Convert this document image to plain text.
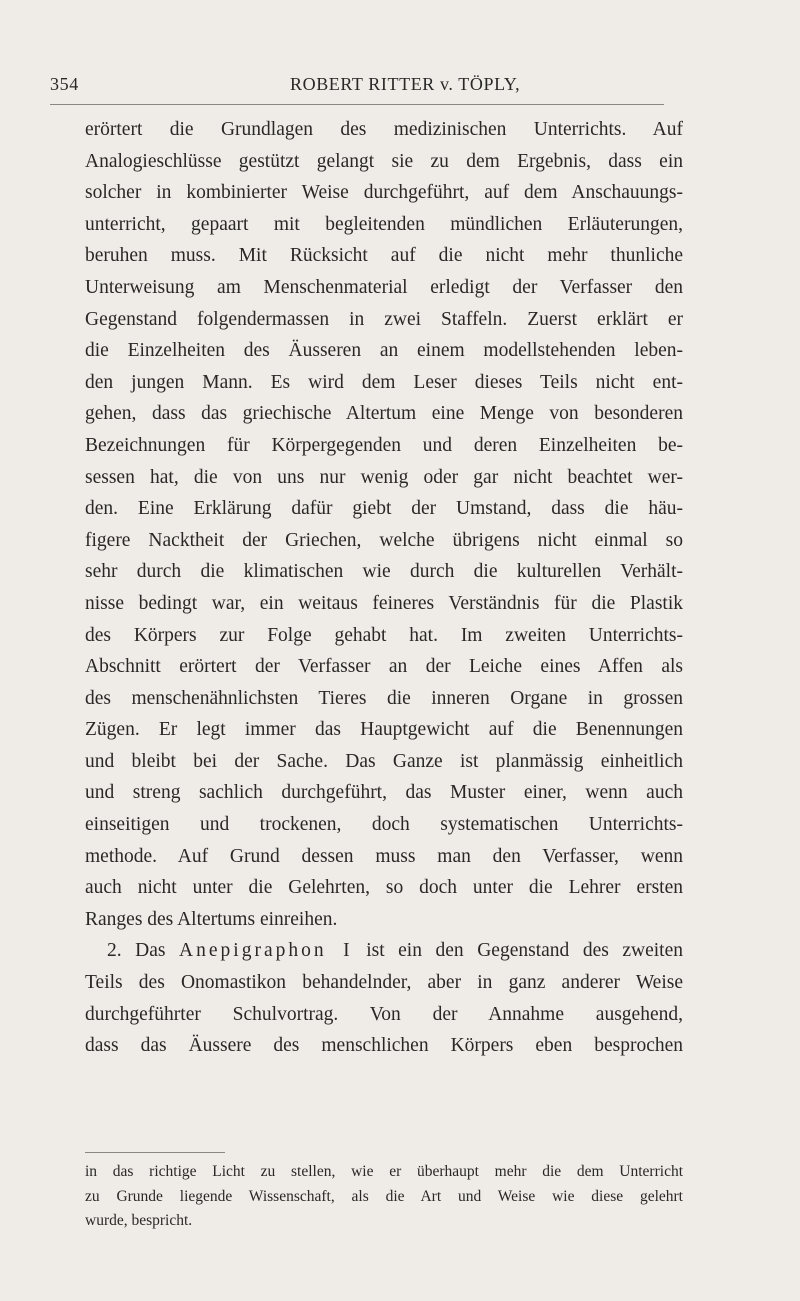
354	ROBERT RITTER v. TÖPLY,
erörtert die Grundlagen des medizinischen Unterrichts. Auf
Analogieschlüsse gestützt gelangt sie zu dem Ergebnis, dass ein
solcher in kombinierter Weise durchgeführt, auf dem Anschauungs-
unterricht, gepaart mit begleitenden mündlichen Erläuterungen,
beruhen muss. Mit Rücksicht auf die nicht mehr thunliche
Unterweisung am Menschenmaterial erledigt der Verfasser den
Gegenstand folgendermassen in zwei Staffeln. Zuerst erklärt er
die Einzelheiten des Äusseren an einem modellstehenden leben-
den jungen Mann. Es wird dem Leser dieses Teils nicht ent-
gehen, dass das griechische Altertum eine Menge von besonderen
Bezeichnungen für Körpergegenden und deren Einzelheiten be-
sessen hat, die von uns nur wenig oder gar nicht beachtet wer-
den. Eine Erklärung dafür giebt der Umstand, dass die häu-
figere Nacktheit der Griechen, welche übrigens nicht einmal so
sehr durch die klimatischen wie durch die kulturellen Verhält-
nisse bedingt war, ein weitaus feineres Verständnis für die Plastik
des Körpers zur Folge gehabt hat. Im zweiten Unterrichts-
Abschnitt erörtert der Verfasser an der Leiche eines Affen als
des menschenähnlichsten Tieres die inneren Organe in grossen
Zügen. Er legt immer das Hauptgewicht auf die Benennungen
und bleibt bei der Sache. Das Ganze ist planmässig einheitlich
und streng sachlich durchgeführt, das Muster einer, wenn auch
einseitigen und trockenen, doch systematischen Unterrichts-
methode. Auf Grund dessen muss man den Verfasser, wenn
auch nicht unter die Gelehrten, so doch unter die Lehrer ersten
Ranges des Altertums einreihen.
2. Das Anepigraphon I ist ein den Gegenstand des zweiten
Teils des Onomastikon behandelnder, aber in ganz anderer Weise
durchgeführter Schulvortrag. Von der Annahme ausgehend,
dass das Äussere des menschlichen Körpers eben besprochen
in das richtige Licht zu stellen, wie er überhaupt mehr die dem Unterricht
zu Grunde liegende Wissenschaft, als die Art und Weise wie diese gelehrt
wurde, bespricht.
